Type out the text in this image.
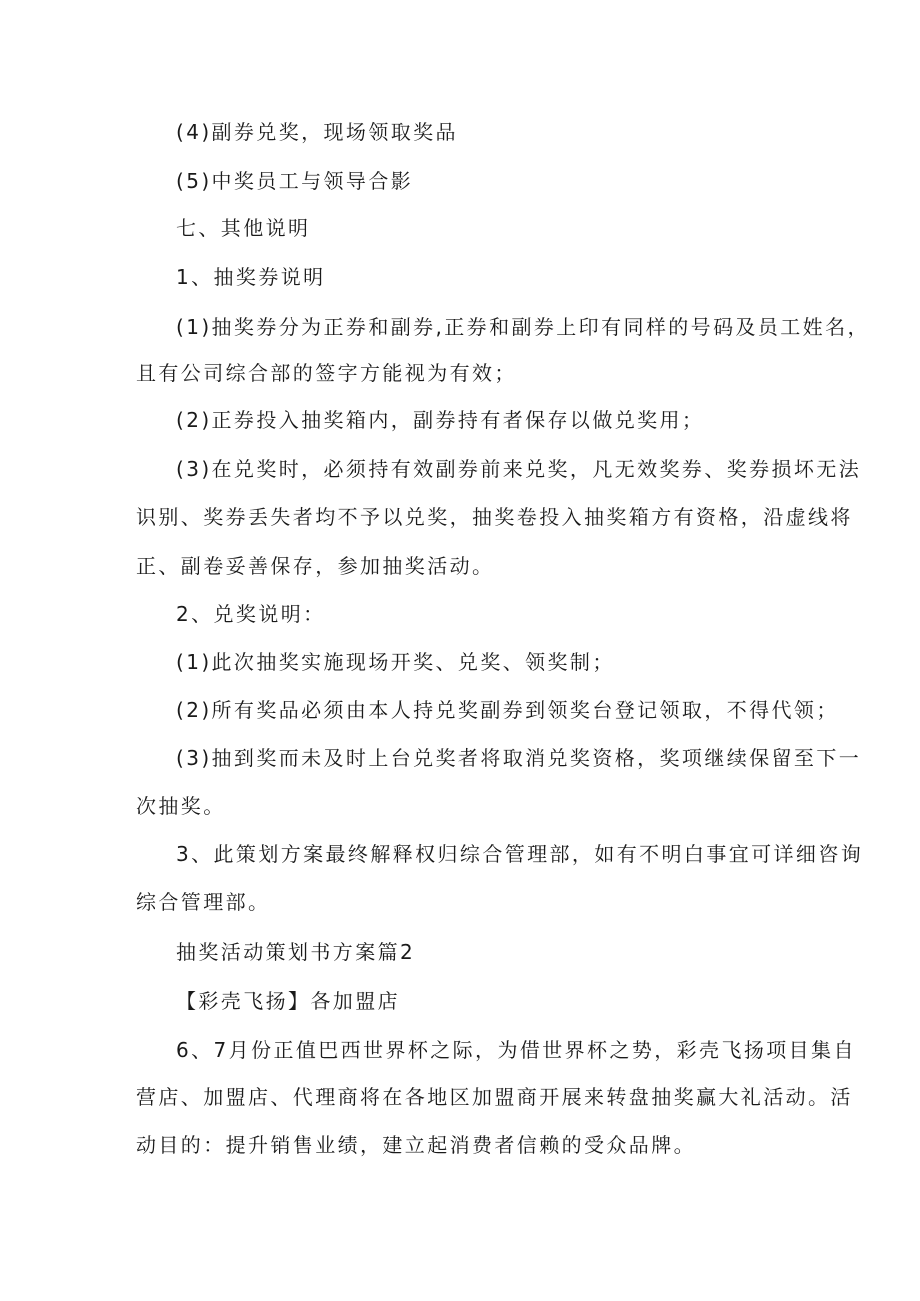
(4)副券兑奖，现场领取奖品
(5)中奖员工与领导合影
七、其他说明
1、抽奖券说明
(1)抽奖券分为正券和副券,正券和副券上印有同样的号码及员工姓名，
且有公司综合部的签字方能视为有效；
(2)正券投入抽奖箱内，副券持有者保存以做兑奖用；
(3)在兑奖时，必须持有效副券前来兑奖，凡无效奖券、奖券损坏无法
识别、奖券丢失者均不予以兑奖，抽奖卷投入抽奖箱方有资格，沿虚线将
正、副卷妥善保存，参加抽奖活动。
2、兑奖说明：
(1)此次抽奖实施现场开奖、兑奖、领奖制；
(2)所有奖品必须由本人持兑奖副券到领奖台登记领取，不得代领；
(3)抽到奖而未及时上台兑奖者将取消兑奖资格，奖项继续保留至下一
次抽奖。
3、此策划方案最终解释权归综合管理部，如有不明白事宜可详细咨询
综合管理部。
抽奖活动策划书方案篇2
【彩壳飞扬】各加盟店
6、7月份正值巴西世界杯之际，为借世界杯之势，彩壳飞扬项目集自
营店、加盟店、代理商将在各地区加盟商开展来转盘抽奖赢大礼活动。活
动目的：提升销售业绩，建立起消费者信赖的受众品牌。
